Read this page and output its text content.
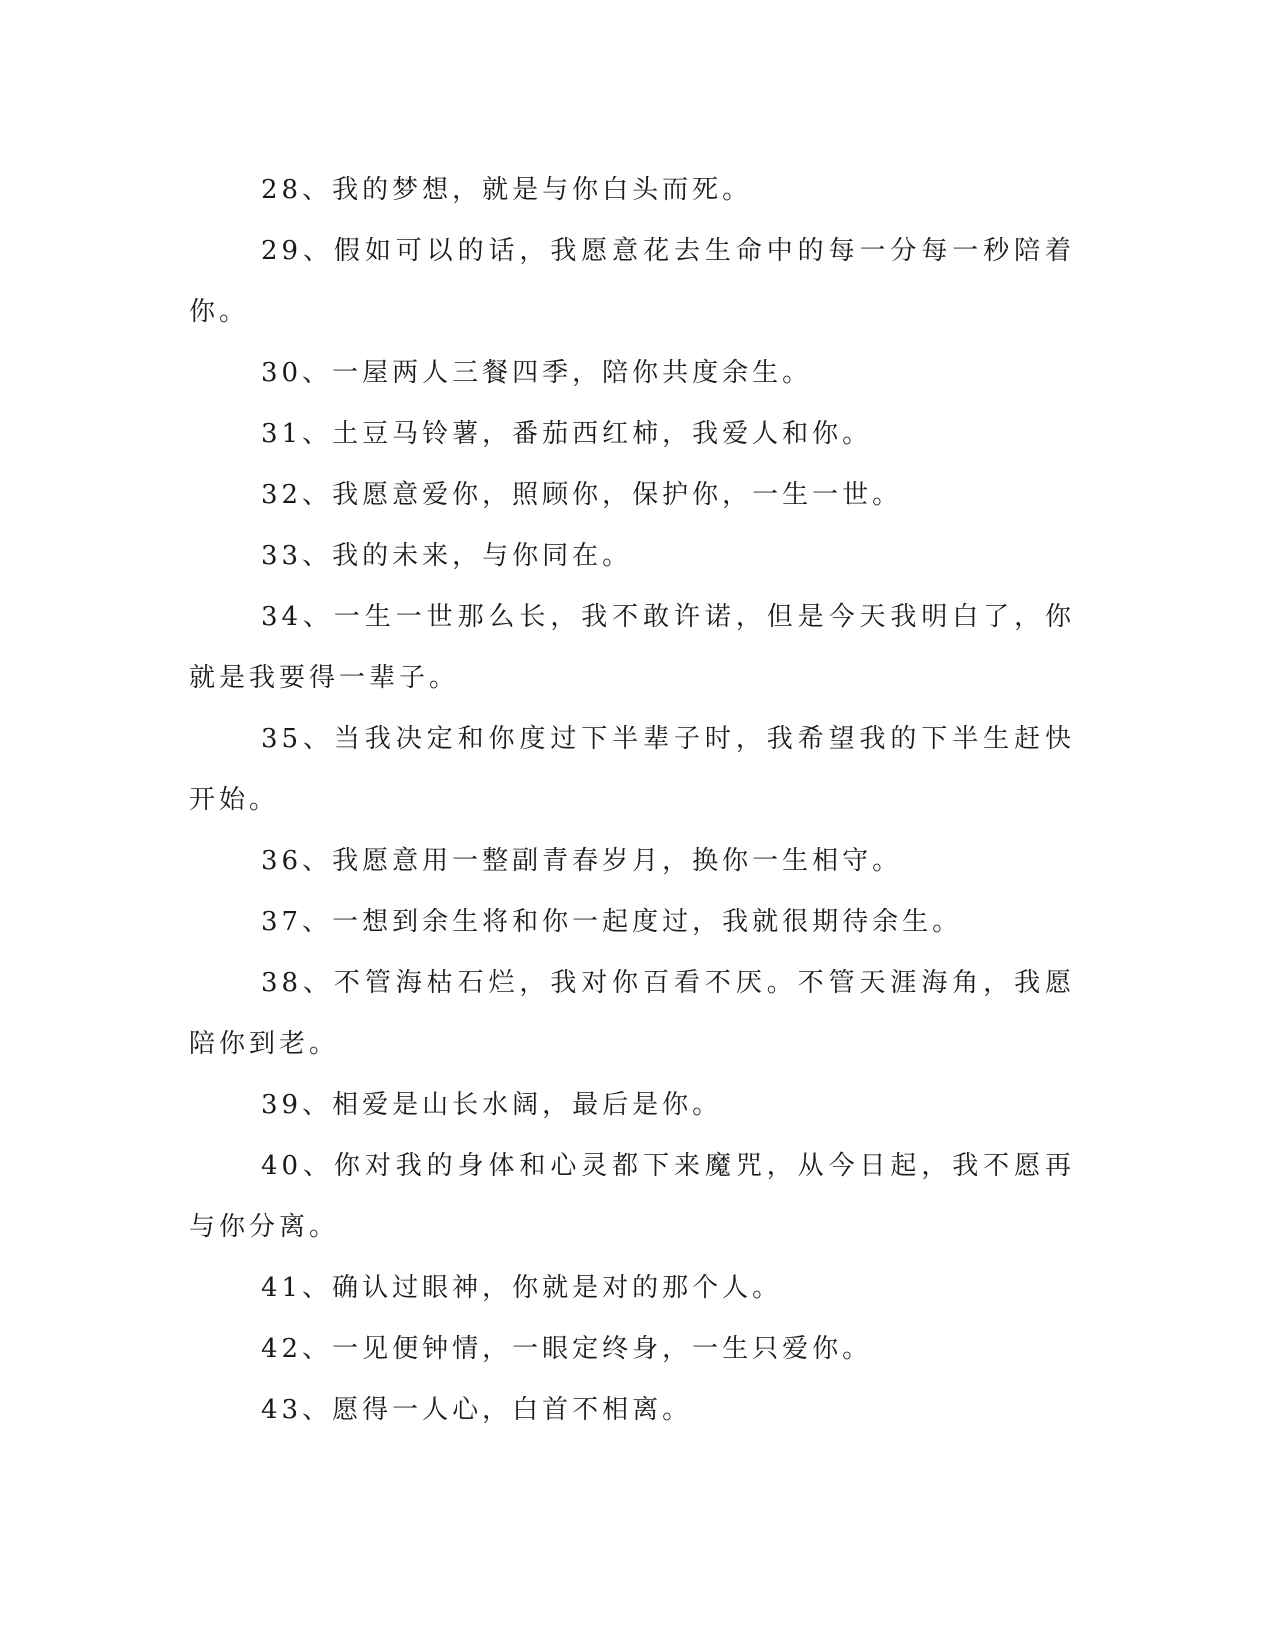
28、我的梦想，就是与你白头而死。

29、假如可以的话，我愿意花去生命中的每一分每一秒陪着你。

30、一屋两人三餐四季，陪你共度余生。

31、土豆马铃薯，番茄西红柿，我爱人和你。

32、我愿意爱你，照顾你，保护你，一生一世。

33、我的未来，与你同在。

34、一生一世那么长，我不敢许诺，但是今天我明白了，你就是我要得一辈子。

35、当我决定和你度过下半辈子时，我希望我的下半生赶快开始。

36、我愿意用一整副青春岁月，换你一生相守。

37、一想到余生将和你一起度过，我就很期待余生。

38、不管海枯石烂，我对你百看不厌。不管天涯海角，我愿陪你到老。

39、相爱是山长水阔，最后是你。

40、你对我的身体和心灵都下来魔咒，从今日起，我不愿再与你分离。

41、确认过眼神，你就是对的那个人。

42、一见便钟情，一眼定终身，一生只爱你。

43、愿得一人心，白首不相离。
